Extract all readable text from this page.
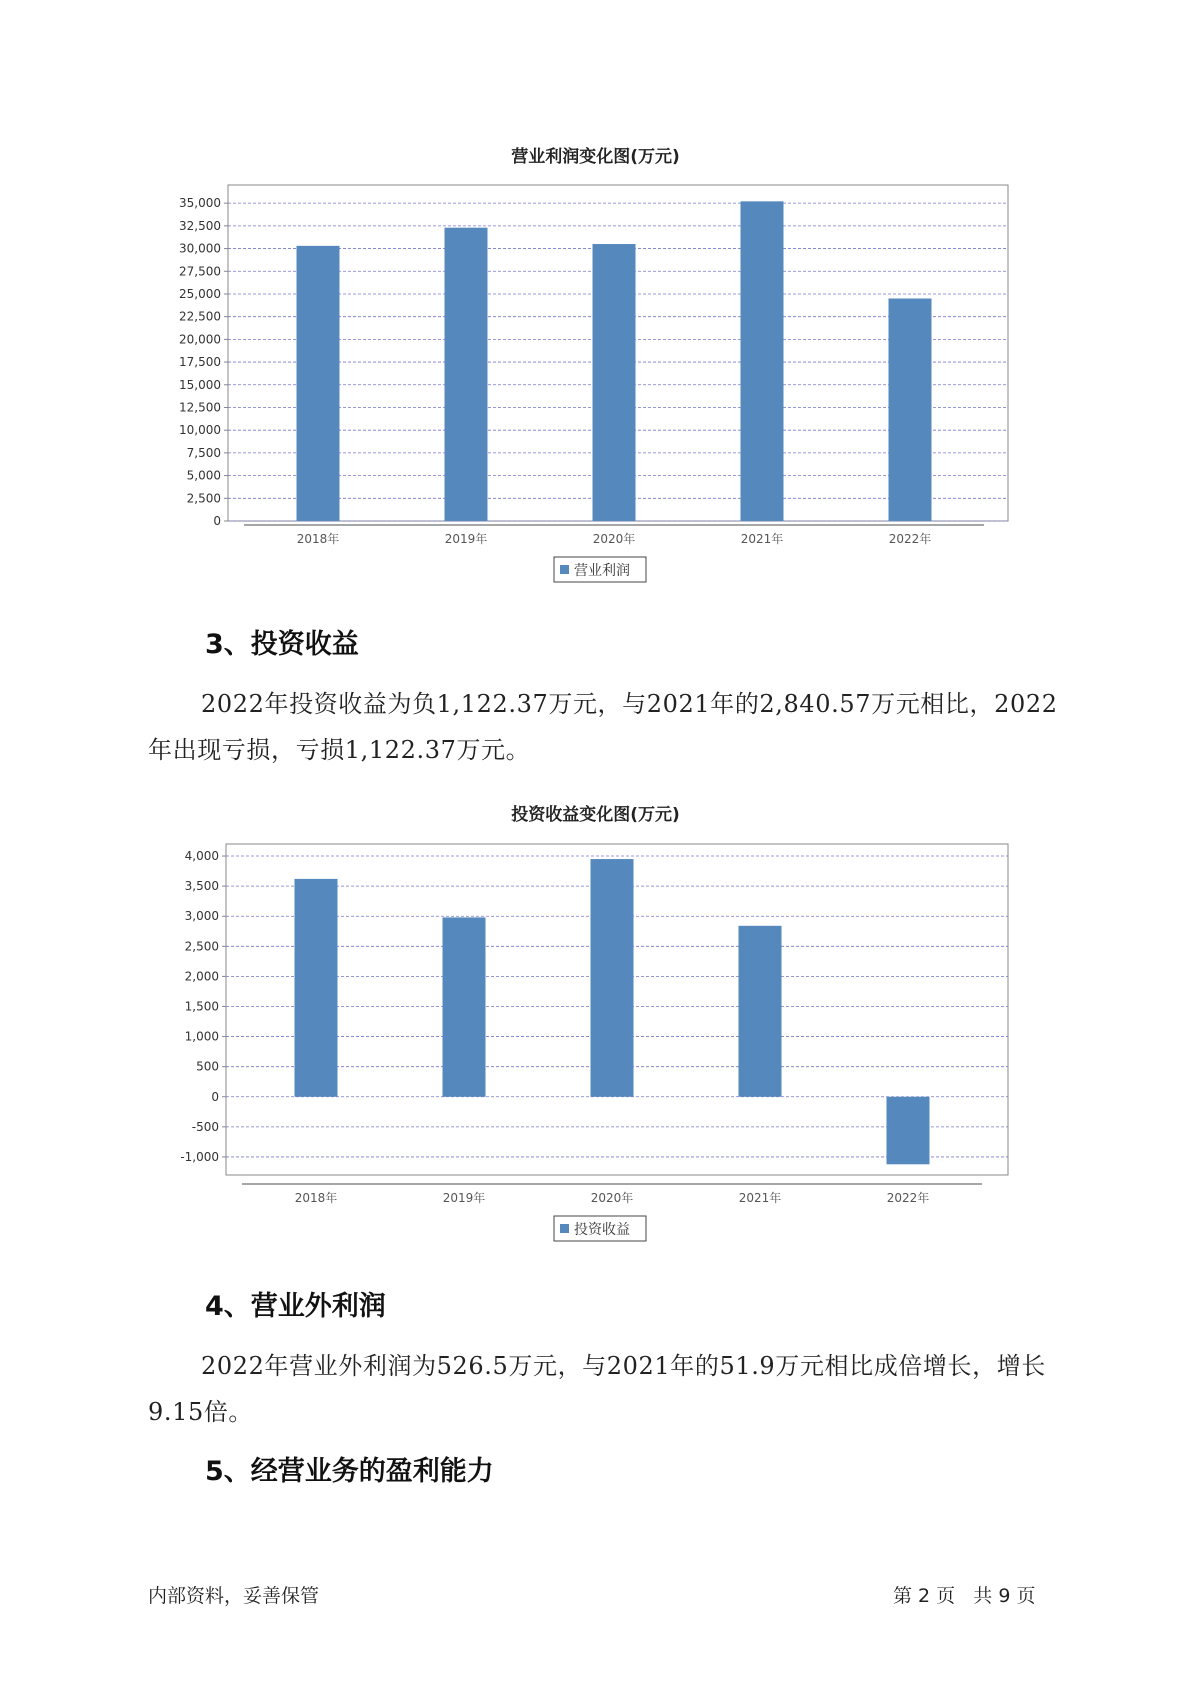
营业利润变化图(万元)
0
2,500
5,000
7,500
10,000
12,500
15,000
17,500
20,000
22,500
25,000
27,500
30,000
32,500
35,000
2018年	2019年	2020年	2021年	2022年
营业利润
3、投资收益

2022年投资收益为负1,122.37万元，与2021年的2,840.57万元相比，2022年出现亏损，亏损1,122.37万元。

投资收益变化图(万元)
-1,000
-500
0
500
1,000
1,500
2,000
2,500
3,000
3,500
4,000
2018年	2019年	2020年	2021年	2022年
投资收益
4、营业外利润

2022年营业外利润为526.5万元，与2021年的51.9万元相比成倍增长，增长9.15倍。

5、经营业务的盈利能力
内部资料，妥善保管	第 2 页   共 9 页
